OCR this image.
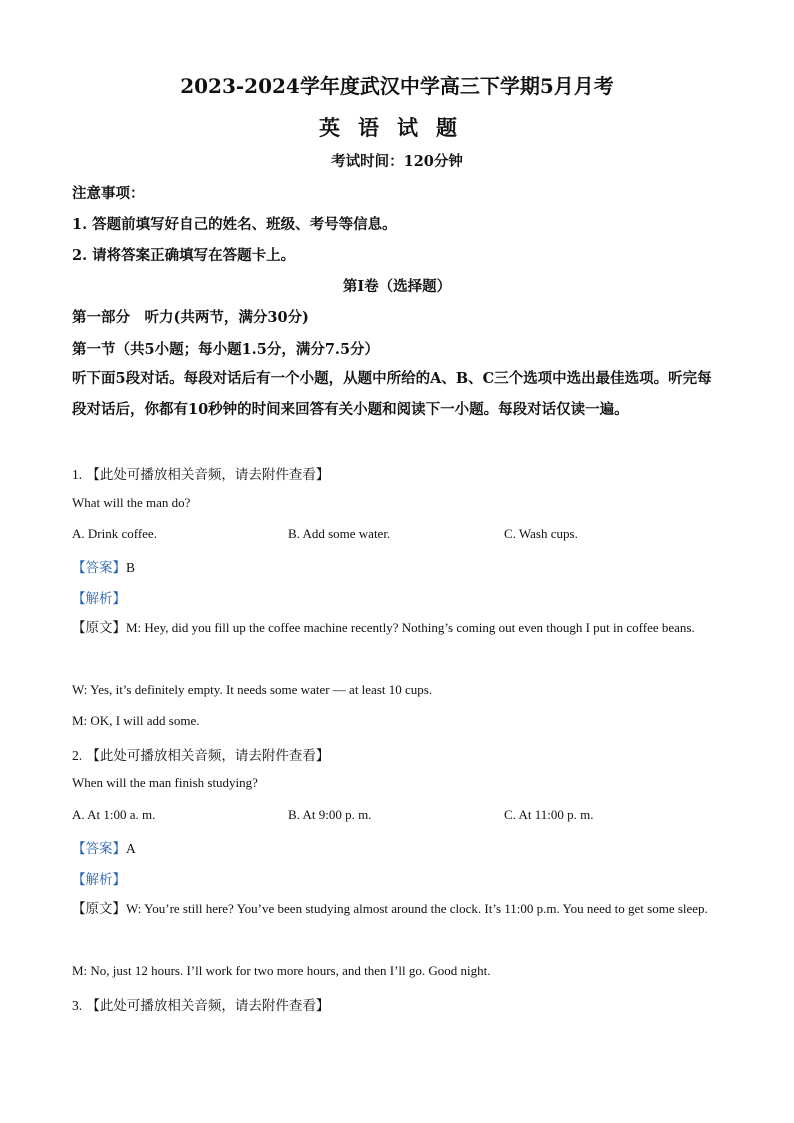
2023-2024学年度武汉中学高三下学期5月月考
英语试题
考试时间：120分钟
注意事项：
1. 答题前填写好自己的姓名、班级、考号等信息。
2. 请将答案正确填写在答题卡上。
第I卷（选择题）
第一部分　听力(共两节，满分30分)
第一节（共5小题；每小题1.5分，满分7.5分）
听下面5段对话。每段对话后有一个小题，从题中所给的A、B、C三个选项中选出最佳选项。听完每段对话后，你都有10秒钟的时间来回答有关小题和阅读下一小题。每段对话仅读一遍。
1. 【此处可播放相关音频，请去附件查看】
What will the man do?
A. Drink coffee.	B. Add some water.	C. Wash cups.
【答案】B
【解析】
【原文】M: Hey, did you fill up the coffee machine recently? Nothing’s coming out even though I put in coffee beans.
W: Yes, it’s definitely empty. It needs some water — at least 10 cups.
M: OK, I will add some.
2. 【此处可播放相关音频，请去附件查看】
When will the man finish studying?
A. At 1:00 a. m.	B. At 9:00 p. m.	C. At 11:00 p. m.
【答案】A
【解析】
【原文】W: You’re still here? You’ve been studying almost around the clock. It’s 11:00 p.m. You need to get some sleep.
M: No, just 12 hours. I’ll work for two more hours, and then I’ll go. Good night.
3. 【此处可播放相关音频，请去附件查看】
